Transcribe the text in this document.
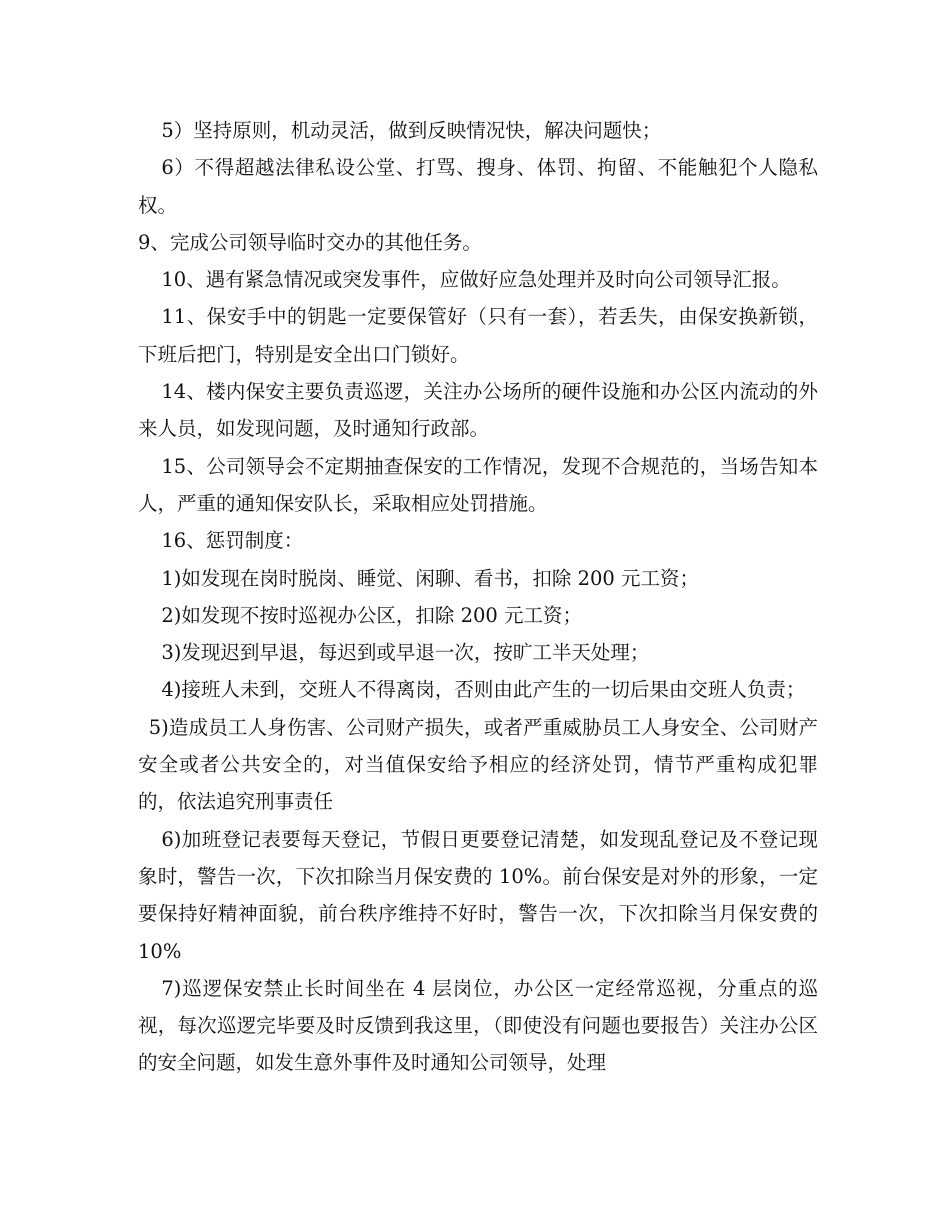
5）坚持原则，机动灵活，做到反映情况快，解决问题快；

6）不得超越法律私设公堂、打骂、搜身、体罚、拘留、不能触犯个人隐私权。

9、完成公司领导临时交办的其他任务。

10、遇有紧急情况或突发事件，应做好应急处理并及时向公司领导汇报。

11、保安手中的钥匙一定要保管好（只有一套），若丢失，由保安换新锁，下班后把门，特别是安全出口门锁好。

14、楼内保安主要负责巡逻，关注办公场所的硬件设施和办公区内流动的外来人员，如发现问题，及时通知行政部。

15、公司领导会不定期抽查保安的工作情况，发现不合规范的，当场告知本人，严重的通知保安队长，采取相应处罚措施。

16、惩罚制度：

1)如发现在岗时脱岗、睡觉、闲聊、看书，扣除 200 元工资；

2)如发现不按时巡视办公区，扣除 200 元工资；

3)发现迟到早退，每迟到或早退一次，按旷工半天处理；

4)接班人未到，交班人不得离岗，否则由此产生的一切后果由交班人负责；

5)造成员工人身伤害、公司财产损失，或者严重威胁员工人身安全、公司财产安全或者公共安全的，对当值保安给予相应的经济处罚，情节严重构成犯罪的，依法追究刑事责任

6)加班登记表要每天登记，节假日更要登记清楚，如发现乱登记及不登记现象时，警告一次，下次扣除当月保安费的 10%。前台保安是对外的形象，一定要保持好精神面貌，前台秩序维持不好时，警告一次，下次扣除当月保安费的 10%

7)巡逻保安禁止长时间坐在 4 层岗位，办公区一定经常巡视，分重点的巡视，每次巡逻完毕要及时反馈到我这里，（即使没有问题也要报告）关注办公区的安全问题，如发生意外事件及时通知公司领导，处理
